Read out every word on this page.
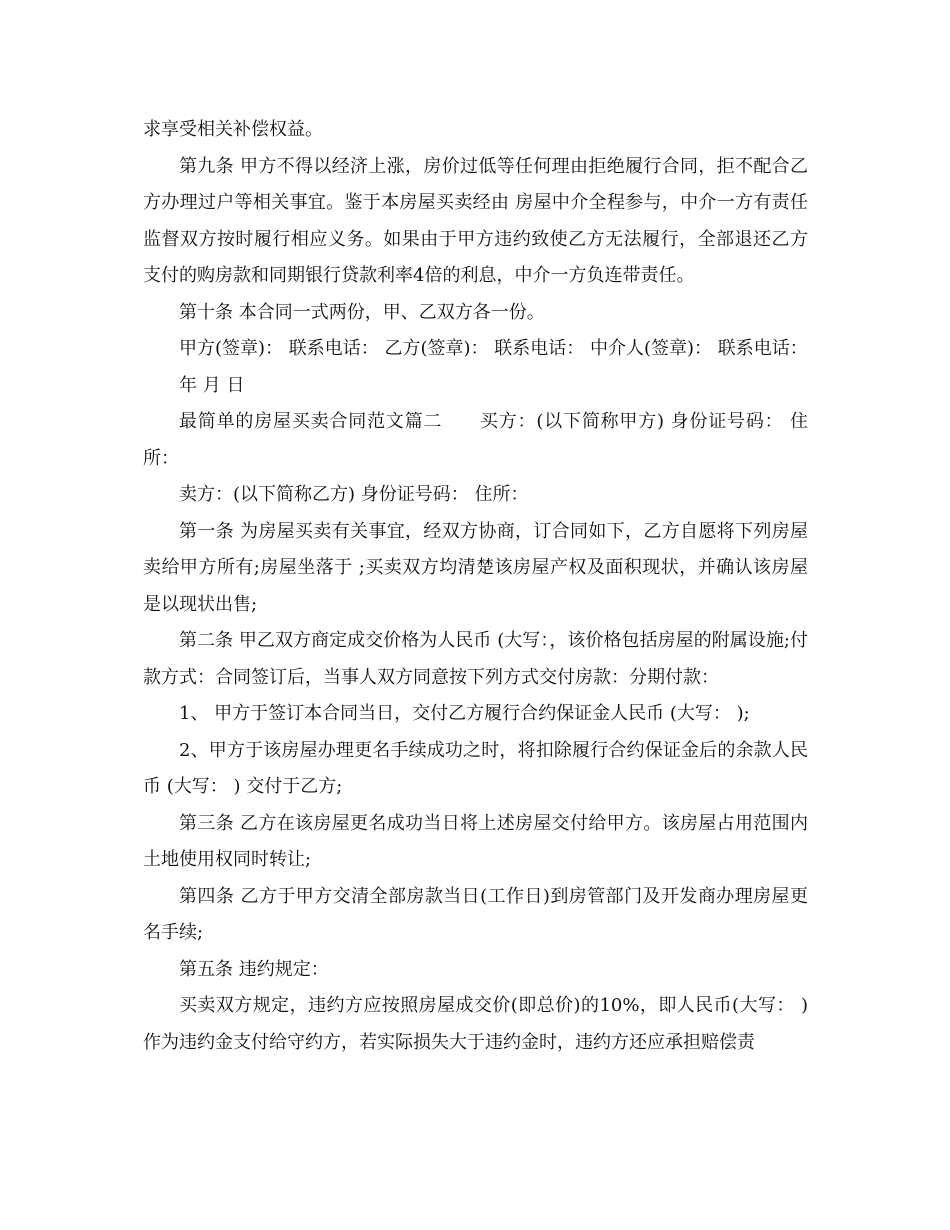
求享受相关补偿权益。

第九条 甲方不得以经济上涨，房价过低等任何理由拒绝履行合同，拒不配合乙方办理过户等相关事宜。鉴于本房屋买卖经由 房屋中介全程参与，中介一方有责任监督双方按时履行相应义务。如果由于甲方违约致使乙方无法履行，全部退还乙方支付的购房款和同期银行贷款利率4倍的利息，中介一方负连带责任。

第十条 本合同一式两份，甲、乙双方各一份。

甲方(签章)： 联系电话： 乙方(签章)： 联系电话： 中介人(签章)： 联系电话：

年 月 日

最简单的房屋买卖合同范文篇二　　买方：(以下简称甲方) 身份证号码： 住所：

卖方：(以下简称乙方) 身份证号码： 住所：

第一条 为房屋买卖有关事宜，经双方协商，订合同如下，乙方自愿将下列房屋卖给甲方所有;房屋坐落于 ;买卖双方均清楚该房屋产权及面积现状，并确认该房屋是以现状出售;

第二条 甲乙双方商定成交价格为人民币 (大写：，该价格包括房屋的附属设施;付款方式：合同签订后，当事人双方同意按下列方式交付房款：分期付款：

1、 甲方于签订本合同当日，交付乙方履行合约保证金人民币 (大写： );

2、甲方于该房屋办理更名手续成功之时，将扣除履行合约保证金后的余款人民币 (大写： ) 交付于乙方;

第三条 乙方在该房屋更名成功当日将上述房屋交付给甲方。该房屋占用范围内土地使用权同时转让;

第四条 乙方于甲方交清全部房款当日(工作日)到房管部门及开发商办理房屋更名手续;

第五条 违约规定：

买卖双方规定，违约方应按照房屋成交价(即总价)的10%，即人民币(大写： ) 作为违约金支付给守约方，若实际损失大于违约金时，违约方还应承担赔偿责
